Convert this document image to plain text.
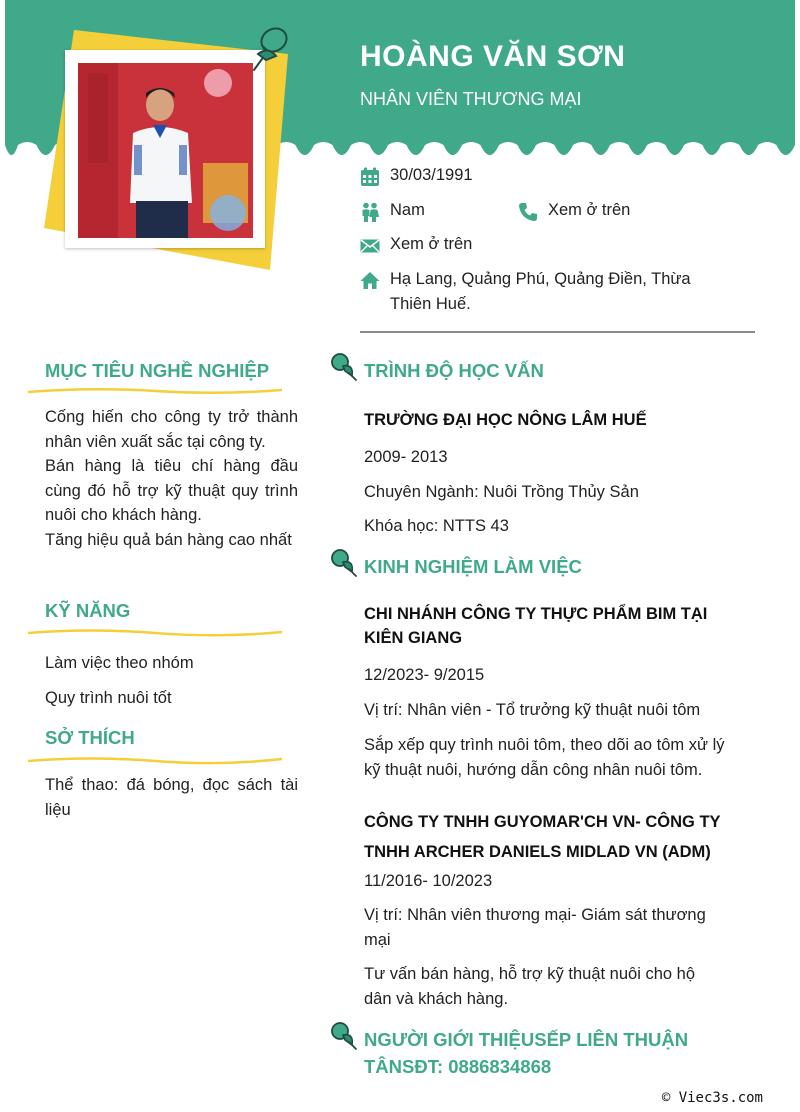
HOÀNG VĂN SƠN
NHÂN VIÊN THƯƠNG MẠI
30/03/1991
Nam	Xem ở trên
Xem ở trên
Hạ Lang, Quảng Phú, Quảng Điền, Thừa Thiên Huế.
MỤC TIÊU NGHỀ NGHIỆP
Cống hiến cho công ty trở thành nhân viên xuất sắc tại công ty.
Bán hàng là tiêu chí hàng đầu cùng đó hỗ trợ kỹ thuật quy trình nuôi cho khách hàng.
Tăng hiệu quả bán hàng cao nhất
KỸ NĂNG
Làm việc theo nhóm
Quy trình nuôi tốt
SỞ THÍCH
Thể thao: đá bóng, đọc sách tài liệu
TRÌNH ĐỘ HỌC VẤN
TRƯỜNG ĐẠI HỌC NÔNG LÂM HUẾ
2009- 2013
Chuyên Ngành: Nuôi Trồng Thủy Sản
Khóa học: NTTS 43
KINH NGHIỆM LÀM VIỆC
CHI NHÁNH CÔNG TY THỰC PHẨM BIM TẠI KIÊN GIANG
12/2023- 9/2015
Vị trí: Nhân viên - Tổ trưởng kỹ thuật nuôi tôm
Sắp xếp quy trình nuôi tôm, theo dõi ao tôm xử lý kỹ thuật nuôi, hướng dẫn công nhân nuôi tôm.
CÔNG TY TNHH GUYOMAR'CH VN- CÔNG TY TNHH ARCHER DANIELS MIDLAD VN (ADM)
11/2016- 10/2023
Vị trí: Nhân viên thương mại- Giám sát thương mại
Tư vấn bán hàng, hỗ trợ kỹ thuật nuôi cho hộ dân và khách hàng.
NGƯỜI GIỚI THIỆUSẾP LIÊN THUẬN
TÂNSĐT: 0886834868
© Viec3s.com
